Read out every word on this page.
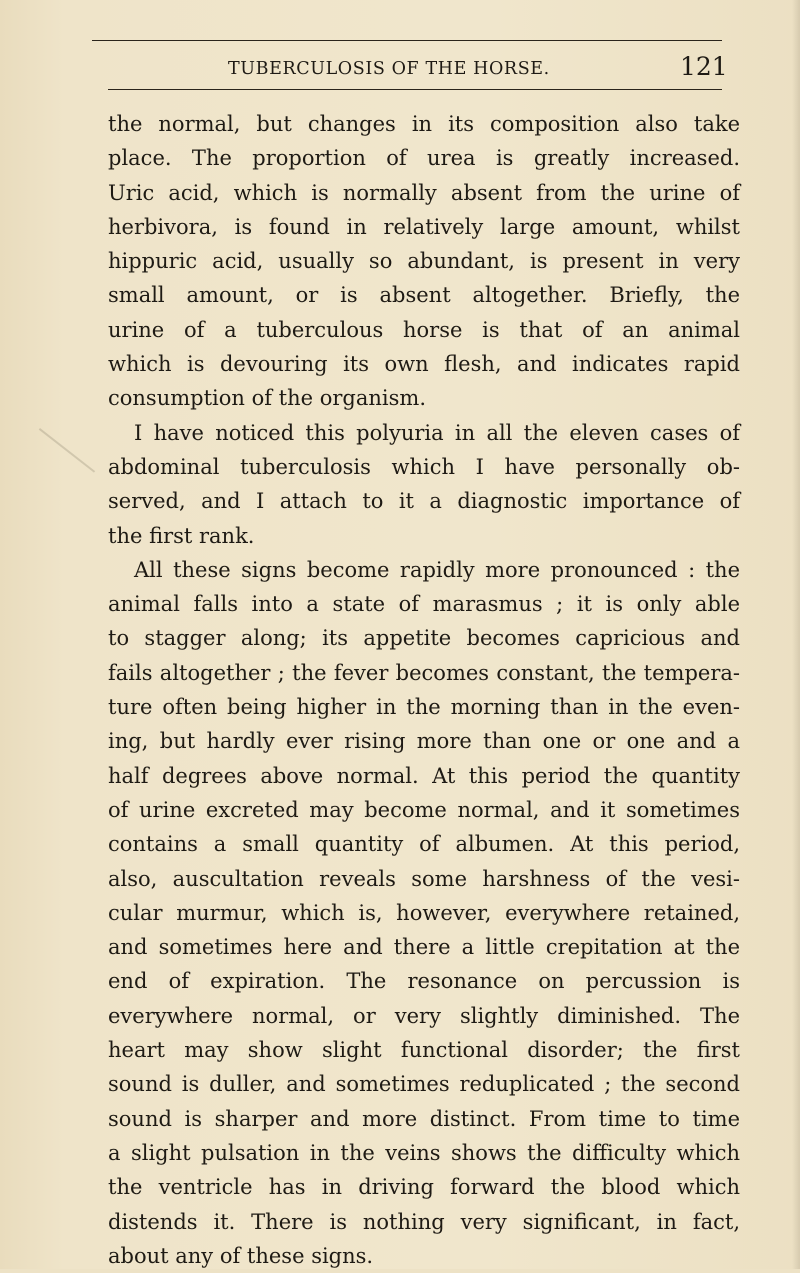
TUBERCULOSIS OF THE HORSE.	121
the normal, but changes in its composition also take
place. The proportion of urea is greatly increased.
Uric acid, which is normally absent from the urine of
herbivora, is found in relatively large amount, whilst
hippuric acid, usually so abundant, is present in very
small amount, or is absent altogether. Briefly, the
urine of a tuberculous horse is that of an animal
which is devouring its own flesh, and indicates rapid
consumption of the organism.
I have noticed this polyuria in all the eleven cases of
abdominal tuberculosis which I have personally ob-
served, and I attach to it a diagnostic importance of
the first rank.
All these signs become rapidly more pronounced : the
animal falls into a state of marasmus ; it is only able
to stagger along; its appetite becomes capricious and
fails altogether ; the fever becomes constant, the tempera-
ture often being higher in the morning than in the even-
ing, but hardly ever rising more than one or one and a
half degrees above normal. At this period the quantity
of urine excreted may become normal, and it sometimes
contains a small quantity of albumen. At this period,
also, auscultation reveals some harshness of the vesi-
cular murmur, which is, however, everywhere retained,
and sometimes here and there a little crepitation at the
end of expiration. The resonance on percussion is
everywhere normal, or very slightly diminished. The
heart may show slight functional disorder; the first
sound is duller, and sometimes reduplicated ; the second
sound is sharper and more distinct. From time to time
a slight pulsation in the veins shows the difficulty which
the ventricle has in driving forward the blood which
distends it. There is nothing very significant, in fact,
about any of these signs.
